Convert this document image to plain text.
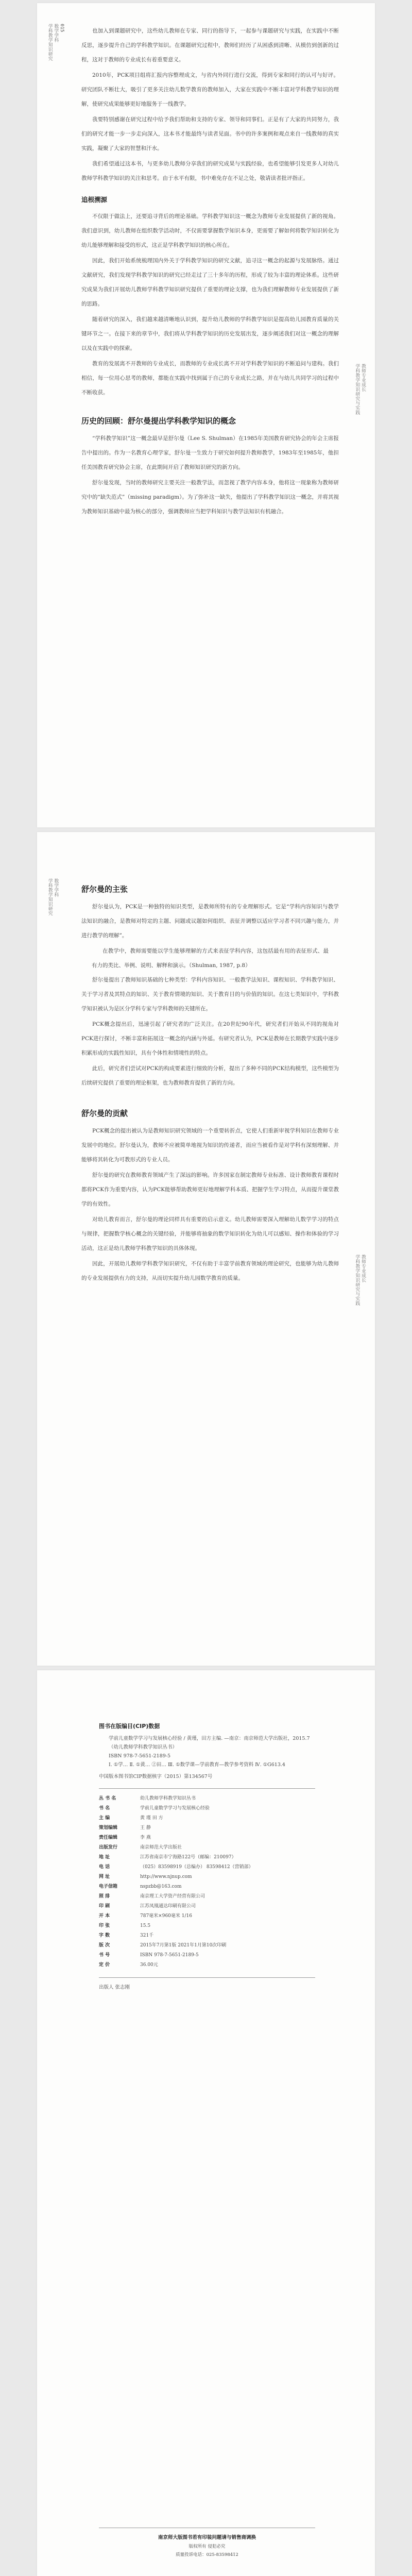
015
数学学科
学科教学知识研究
教师专业成长
学科教学知识研究与实践

也加入到课题研究中，这些幼儿教师在专家、同行的指导下，一起参与课题研究与实践，在实践中不断反思，逐步提升自己的学科教学知识。在课题研究过程中，教师们经历了从困惑到清晰、从模仿到创新的过程，这对于教师的专业成长有着重要意义。

2010年，PCK项目组将汇报内容整理成文，与省内外同行进行交流，得到专家和同行的认可与好评。研究团队不断壮大，吸引了更多关注幼儿数学教育的教师加入，大家在实践中不断丰富对学科教学知识的理解，使研究成果能够更好地服务于一线教学。

我要特别感谢在研究过程中给予我们帮助和支持的专家、领导和同事们。正是有了大家的共同努力，我们的研究才能一步一步走向深入，这本书才能最终与读者见面。书中的许多案例和观点来自一线教师的真实实践，凝聚了大家的智慧和汗水。

我们希望通过这本书，与更多幼儿教师分享我们的研究成果与实践经验，也希望能够引发更多人对幼儿教师学科教学知识的关注和思考。由于水平有限，书中难免存在不足之处，敬请读者批评指正。

追根溯源

不仅限于做法上，还要追寻背后的理论基础。学科教学知识这一概念为教师专业发展提供了新的视角。我们意识到，幼儿教师在组织数学活动时，不仅需要掌握数学知识本身，更需要了解如何将数学知识转化为幼儿能够理解和接受的形式，这正是学科教学知识的核心所在。

因此，我们开始系统梳理国内外关于学科教学知识的研究文献，追寻这一概念的起源与发展脉络。通过文献研究，我们发现学科教学知识的研究已经走过了三十多年的历程，形成了较为丰富的理论体系。这些研究成果为我们开展幼儿教师学科教学知识研究提供了重要的理论支撑，也为我们理解教师专业发展提供了新的思路。

随着研究的深入，我们越来越清晰地认识到，提升幼儿教师的学科教学知识是提高幼儿园教育质量的关键环节之一。在接下来的章节中，我们将从学科教学知识的历史发展出发，逐步阐述我们对这一概念的理解以及在实践中的探索。

教育的发展离不开教师的专业成长，而教师的专业成长离不开对学科教学知识的不断追问与建构。我们相信，每一位用心思考的教师，都能在实践中找到属于自己的专业成长之路，并在与幼儿共同学习的过程中不断收获。

历史的回顾：舒尔曼提出学科教学知识的概念

“学科教学知识”这一概念最早是舒尔曼（Lee S. Shulman）在1985年美国教育研究协会的年会主席报告中提出的。作为一名教育心理学家，舒尔曼一生致力于研究如何提升教师教学，1983年至1985年，他担任美国教育研究协会主席，在此期间开启了教师知识研究的新方向。

舒尔曼发现，当时的教师研究主要关注一般教学法，而忽视了教学内容本身，他将这一现象称为教师研究中的“缺失范式”（missing paradigm）。为了弥补这一缺失，他提出了学科教学知识这一概念，并将其视为教师知识基础中最为核心的部分，强调教师应当把学科知识与教学法知识有机融合。

数学学科
学科教学知识研究
教师专业成长
学科教学知识研究与实践
舒尔曼的主张

舒尔曼认为，PCK是一种独特的知识类型，是教师所特有的专业理解形式。它是“学科内容知识与教学法知识的融合，是教师对特定的主题、问题或议题如何组织、表征并调整以适应学习者不同兴趣与能力，并进行教学的理解”。

在教学中，教师需要能以学生能够理解的方式来表征学科内容，这包括最有用的表征形式、最有力的类比、举例、说明、解释和演示。（Shulman, 1987, p.8）

舒尔曼提出了教师知识基础的七种类型：学科内容知识、一般教学法知识、课程知识、学科教学知识、关于学习者及其特点的知识、关于教育情境的知识、关于教育目的与价值的知识。在这七类知识中，学科教学知识被认为是区分学科专家与学科教师的关键所在。

PCK概念提出后，迅速引起了研究者的广泛关注。在20世纪90年代，研究者们开始从不同的视角对PCK进行探讨，不断丰富和拓展这一概念的内涵与外延。有研究者认为，PCK是教师在长期教学实践中逐步积累形成的实践性知识，具有个体性和情境性的特点。

此后，研究者们尝试对PCK的构成要素进行细致的分析，提出了多种不同的PCK结构模型，这些模型为后续研究提供了重要的理论框架，也为教师教育提供了新的方向。

舒尔曼的贡献

PCK概念的提出被认为是教师知识研究领域的一个重要转折点，它使人们重新审视学科知识在教师专业发展中的地位。舒尔曼认为，教师不应被简单地视为知识的传递者，而应当被看作是对学科有深刻理解、并能够将其转化为可教形式的专业人员。

舒尔曼的研究在教师教育领域产生了深远的影响。许多国家在制定教师专业标准、设计教师教育课程时都将PCK作为重要内容，认为PCK能够帮助教师更好地理解学科本质、把握学生学习特点，从而提升课堂教学的有效性。

对幼儿教育而言，舒尔曼的理论同样具有重要的启示意义。幼儿教师需要深入理解幼儿数学学习的特点与规律，把握数学核心概念的关键经验，并能够将抽象的数学知识转化为幼儿可以感知、操作和体验的学习活动，这正是幼儿教师学科教学知识的具体体现。

因此，开展幼儿教师学科教学知识研究，不仅有助于丰富学前教育领域的理论研究，也能够为幼儿教师的专业发展提供有力的支持，从而切实提升幼儿园数学教育的质量。

图书在版编目(CIP)数据

学前儿童数学学习与发展核心经验 / 黄瑾，田方主编. —南京：南京师范大学出版社，2015.7

（幼儿教师学科教学知识丛书）

ISBN 978-7-5651-2189-5

Ⅰ. ①学… Ⅱ. ①黄… ②田… Ⅲ. ①数学课—学前教育—教学参考资料 Ⅳ. ①G613.4

中国版本图书馆CIP数据核字（2015）第134567号

丛 书 名	幼儿教师学科教学知识丛书
书 名	学前儿童数学学习与发展核心经验
主 编	黄 瑾 田 方
策划编辑	王 静
责任编辑	李 燕
出版发行	南京师范大学出版社
地 址	江苏省南京市宁海路122号（邮编：210097）
电 话	（025）83598919（总编办） 83598412（营销部）
网 址	http://www.njnup.com
电子信箱	nspzbb@163.com
照 排	南京理工大学资产经营有限公司
印 刷	江苏凤凰通达印刷有限公司
开 本	787毫米×960毫米 1/16
印 张	15.5
字 数	321千
版 次	2015年7月第1版 2021年1月第10次印刷
书 号	ISBN 978-7-5651-2189-5
定 价	36.00元

出版人 张志刚

南京师大版图书若有印装问题请与销售商调换

版权所有 侵犯必究

质量投诉电话：025-83598412
